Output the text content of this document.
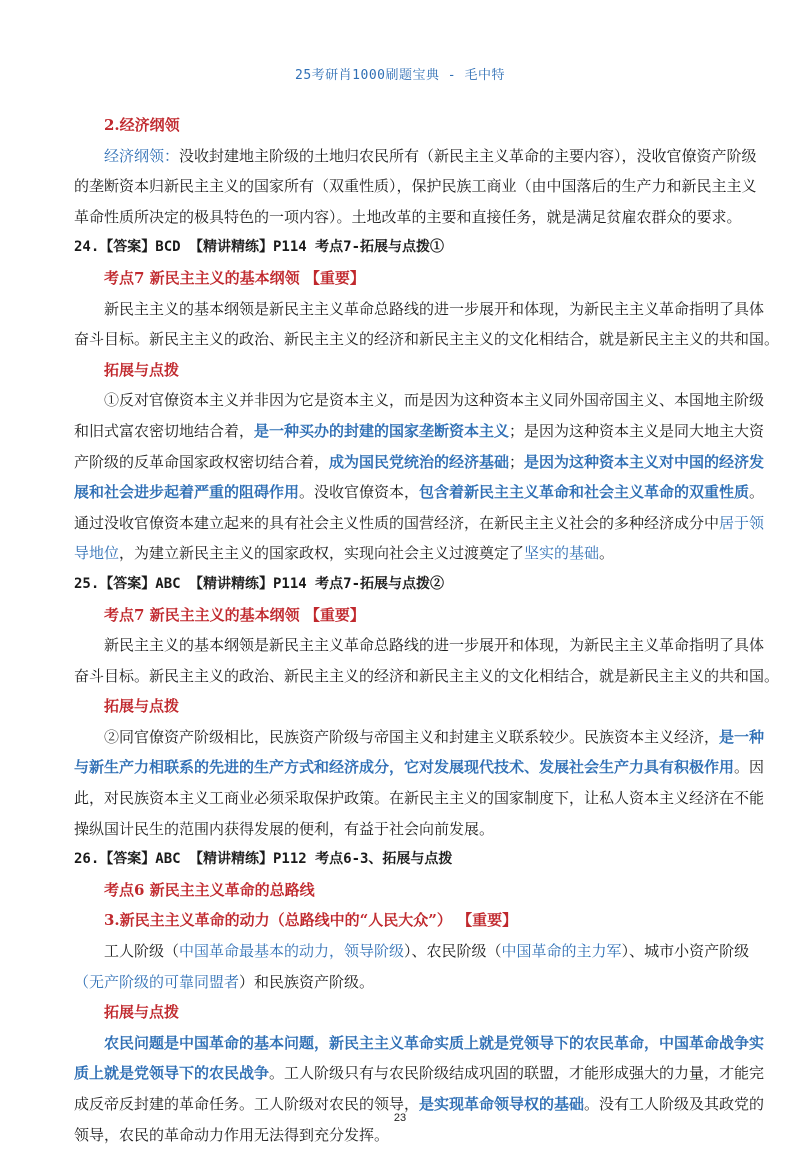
25考研肖1000刷题宝典 - 毛中特
2.经济纲领
经济纲领：没收封建地主阶级的土地归农民所有（新民主主义革命的主要内容），没收官僚资产阶级
的垄断资本归新民主主义的国家所有（双重性质），保护民族工商业（由中国落后的生产力和新民主主义
革命性质所决定的极具特色的一项内容）。土地改革的主要和直接任务，就是满足贫雇农群众的要求。
24.【答案】BCD 【精讲精练】P114 考点7-拓展与点拨①
考点7 新民主主义的基本纲领 【重要】
新民主主义的基本纲领是新民主主义革命总路线的进一步展开和体现，为新民主主义革命指明了具体
奋斗目标。新民主主义的政治、新民主主义的经济和新民主主义的文化相结合，就是新民主主义的共和国。
拓展与点拨
①反对官僚资本主义并非因为它是资本主义，而是因为这种资本主义同外国帝国主义、本国地主阶级
和旧式富农密切地结合着，是一种买办的封建的国家垄断资本主义；是因为这种资本主义是同大地主大资
产阶级的反革命国家政权密切结合着，成为国民党统治的经济基础；是因为这种资本主义对中国的经济发
展和社会进步起着严重的阻碍作用。没收官僚资本，包含着新民主主义革命和社会主义革命的双重性质。
通过没收官僚资本建立起来的具有社会主义性质的国营经济，在新民主主义社会的多种经济成分中居于领
导地位，为建立新民主主义的国家政权，实现向社会主义过渡奠定了坚实的基础。
25.【答案】ABC 【精讲精练】P114 考点7-拓展与点拨②
考点7 新民主主义的基本纲领 【重要】
新民主主义的基本纲领是新民主主义革命总路线的进一步展开和体现，为新民主主义革命指明了具体
奋斗目标。新民主主义的政治、新民主主义的经济和新民主主义的文化相结合，就是新民主主义的共和国。
拓展与点拨
②同官僚资产阶级相比，民族资产阶级与帝国主义和封建主义联系较少。民族资本主义经济，是一种
与新生产力相联系的先进的生产方式和经济成分，它对发展现代技术、发展社会生产力具有积极作用。因
此，对民族资本主义工商业必须采取保护政策。在新民主主义的国家制度下，让私人资本主义经济在不能
操纵国计民生的范围内获得发展的便利，有益于社会向前发展。
26.【答案】ABC 【精讲精练】P112 考点6-3、拓展与点拨
考点6 新民主主义革命的总路线
3.新民主主义革命的动力（总路线中的“人民大众”） 【重要】
工人阶级（中国革命最基本的动力，领导阶级）、农民阶级（中国革命的主力军）、城市小资产阶级
（无产阶级的可靠同盟者）和民族资产阶级。
拓展与点拨
农民问题是中国革命的基本问题，新民主主义革命实质上就是党领导下的农民革命，中国革命战争实
质上就是党领导下的农民战争。工人阶级只有与农民阶级结成巩固的联盟，才能形成强大的力量，才能完
成反帝反封建的革命任务。工人阶级对农民的领导，是实现革命领导权的基础。没有工人阶级及其政党的
领导，农民的革命动力作用无法得到充分发挥。
23
